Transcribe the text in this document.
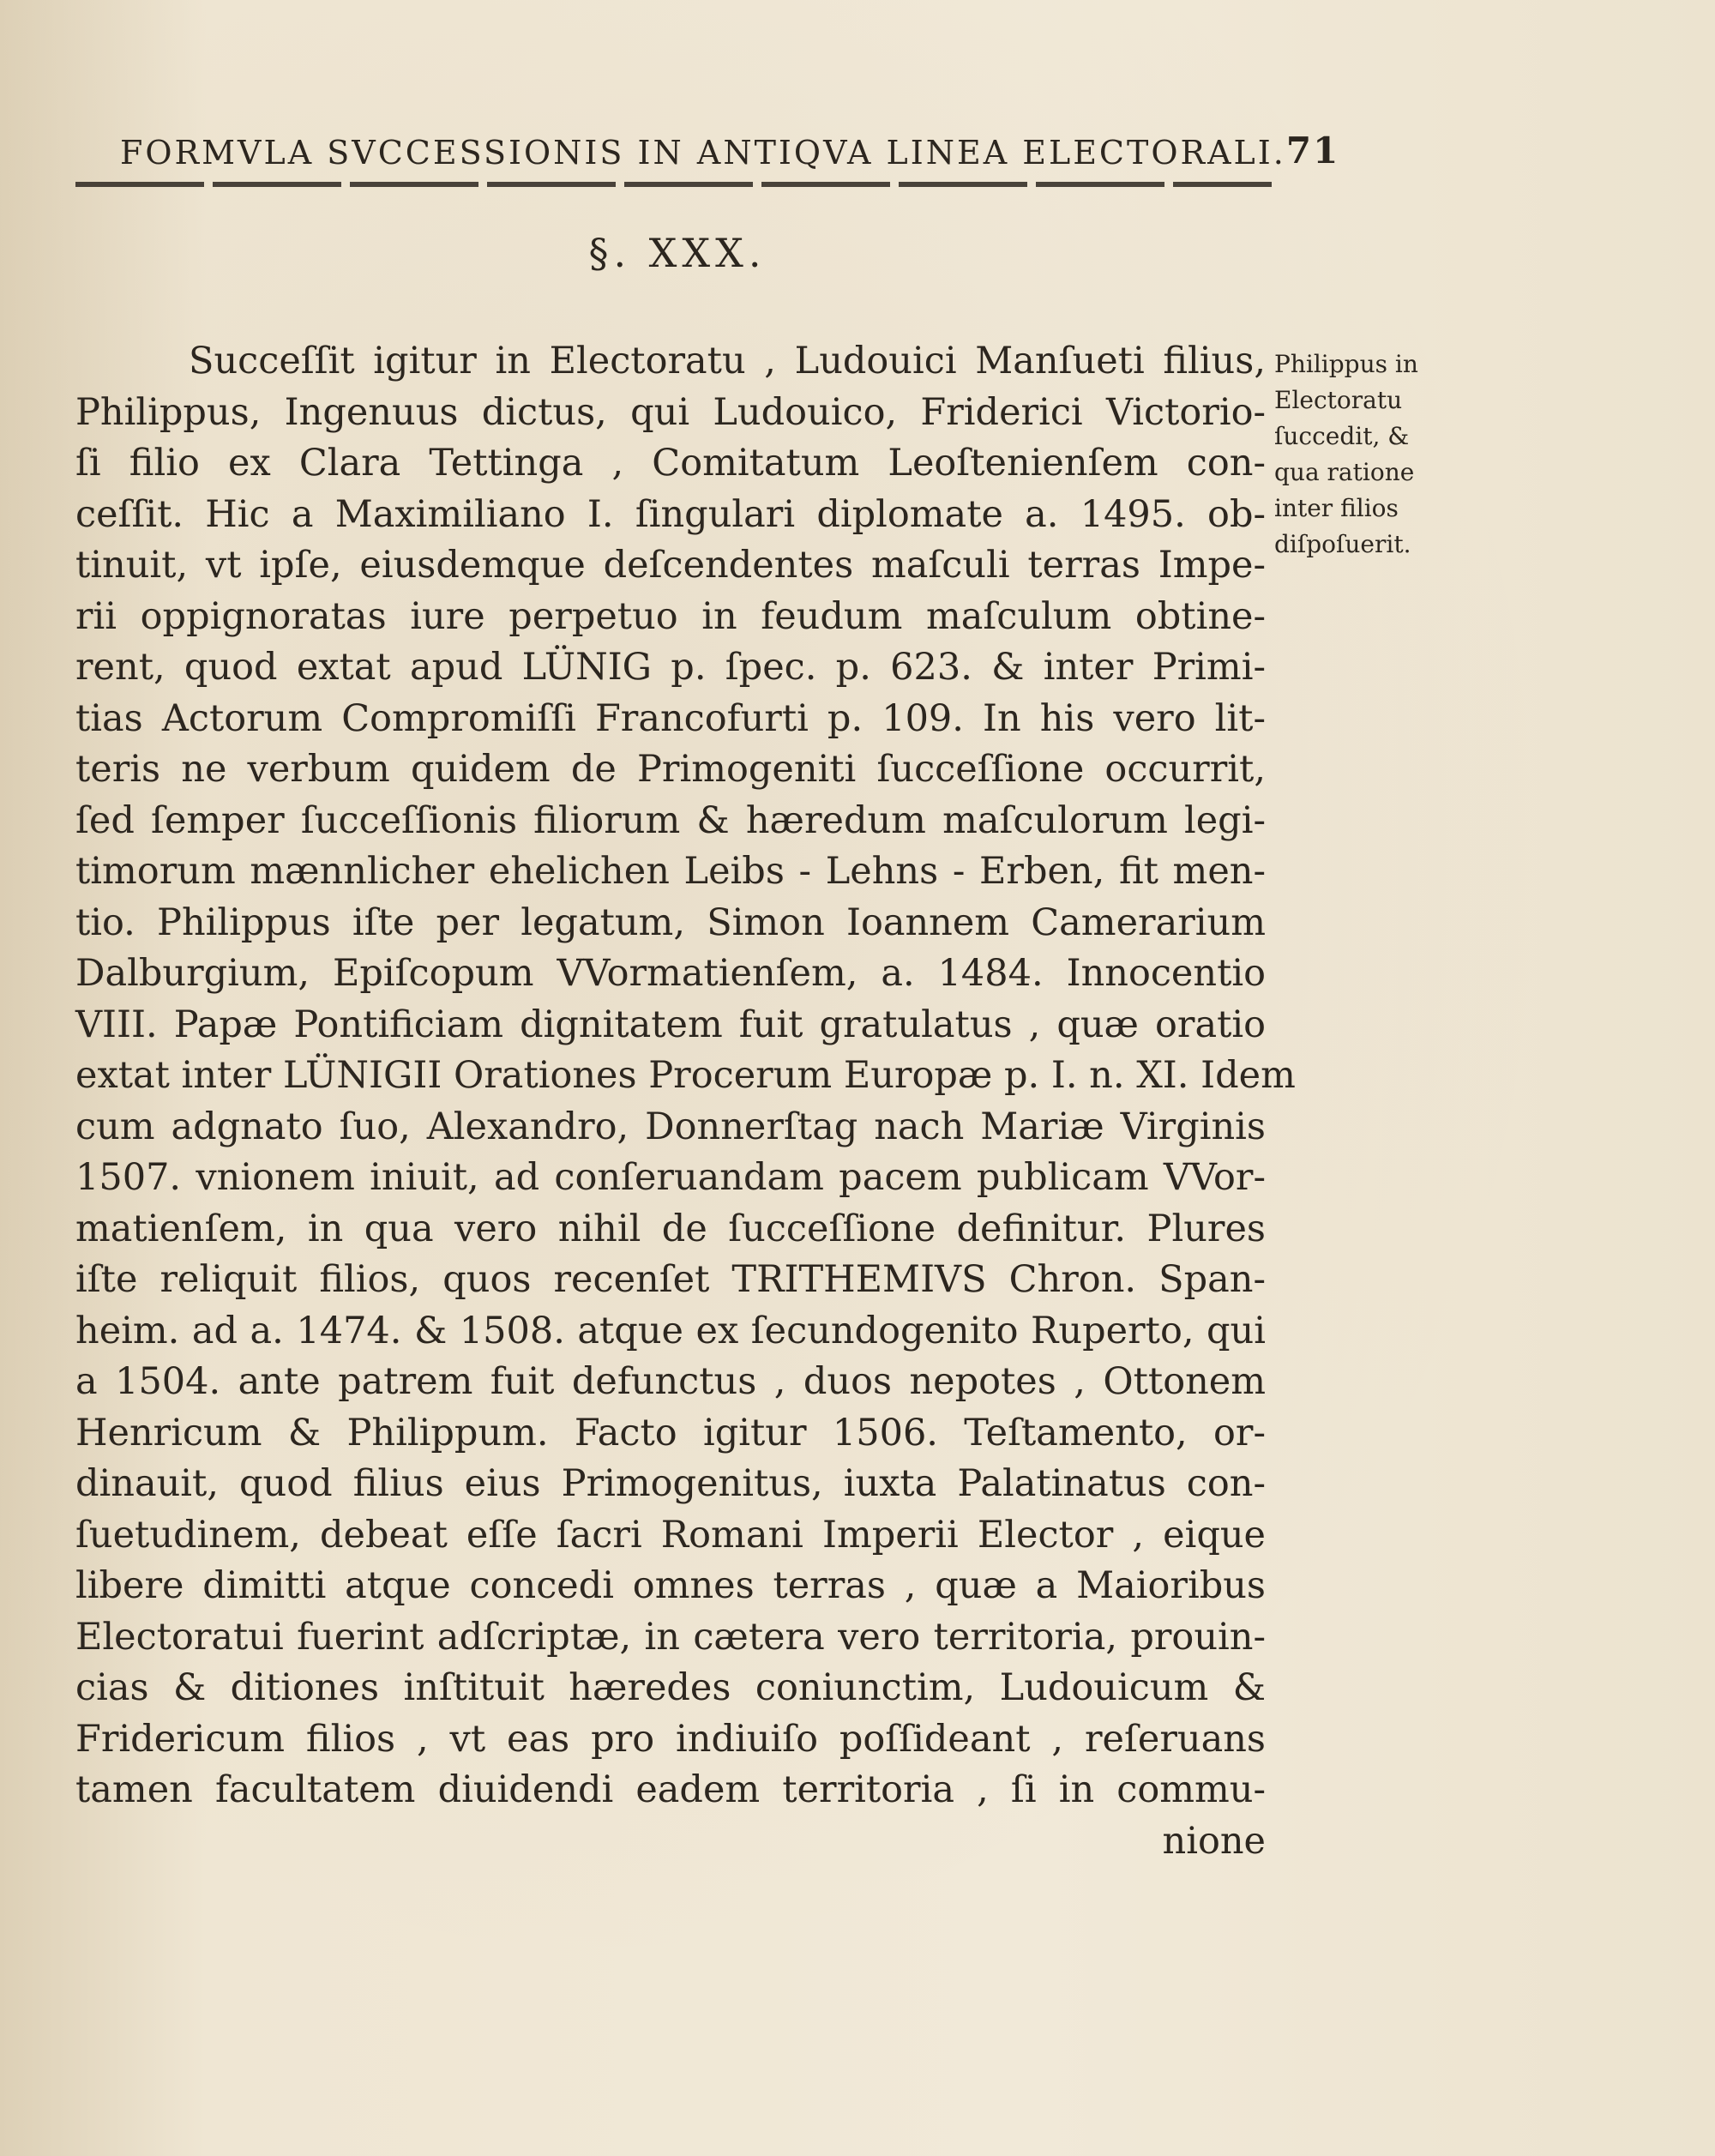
FORMVLA SVCCESSIONIS IN ANTIQVA LINEA ELECTORALI. 71
§. XXX.
Succeſſit igitur in Electoratu , Ludouici Manſueti filius,
Philippus, Ingenuus dictus, qui Ludouico, Friderici Victorio-
ſi filio ex Clara Tettinga , Comitatum Leoſtenienſem con-
ceſſit. Hic a Maximiliano I. ſingulari diplomate a. 1495. ob-
tinuit, vt ipſe, eiusdemque deſcendentes maſculi terras Impe-
rii oppignoratas iure perpetuo in feudum maſculum obtine-
rent, quod extat apud LÜNIG p. ſpec. p. 623. & inter Primi-
tias Actorum Compromiſſi Francofurti p. 109. In his vero lit-
teris ne verbum quidem de Primogeniti ſucceſſione occurrit,
ſed ſemper ſucceſſionis filiorum & hæredum maſculorum legi-
timorum mænnlicher ehelichen Leibs - Lehns - Erben, fit men-
tio. Philippus iſte per legatum, Simon Ioannem Camerarium
Dalburgium, Epiſcopum VVormatienſem, a. 1484. Innocentio
VIII. Papæ Pontificiam dignitatem fuit gratulatus , quæ oratio
extat inter LÜNIGII Orationes Procerum Europæ p. I. n. XI. Idem
cum adgnato ſuo, Alexandro, Donnerſtag nach Mariæ Virginis
1507. vnionem iniuit, ad conſeruandam pacem publicam VVor-
matienſem, in qua vero nihil de ſucceſſione definitur. Plures
iſte reliquit filios, quos recenſet TRITHEMIVS Chron. Span-
heim. ad a. 1474. & 1508. atque ex ſecundogenito Ruperto, qui
a 1504. ante patrem fuit defunctus , duos nepotes , Ottonem
Henricum & Philippum. Facto igitur 1506. Teſtamento, or-
dinauit, quod filius eius Primogenitus, iuxta Palatinatus con-
ſuetudinem, debeat eſſe ſacri Romani Imperii Elector , eique
libere dimitti atque concedi omnes terras , quæ a Maioribus
Electoratui fuerint adſcriptæ, in cætera vero territoria, prouin-
cias & ditiones inſtituit hæredes coniunctim, Ludouicum &
Fridericum filios , vt eas pro indiuiſo poſſideant , reſeruans
tamen facultatem diuidendi eadem territoria , ſi in commu-
nione
Philippus in
Electoratu
ſuccedit, &
qua ratione
inter filios
diſpoſuerit.
